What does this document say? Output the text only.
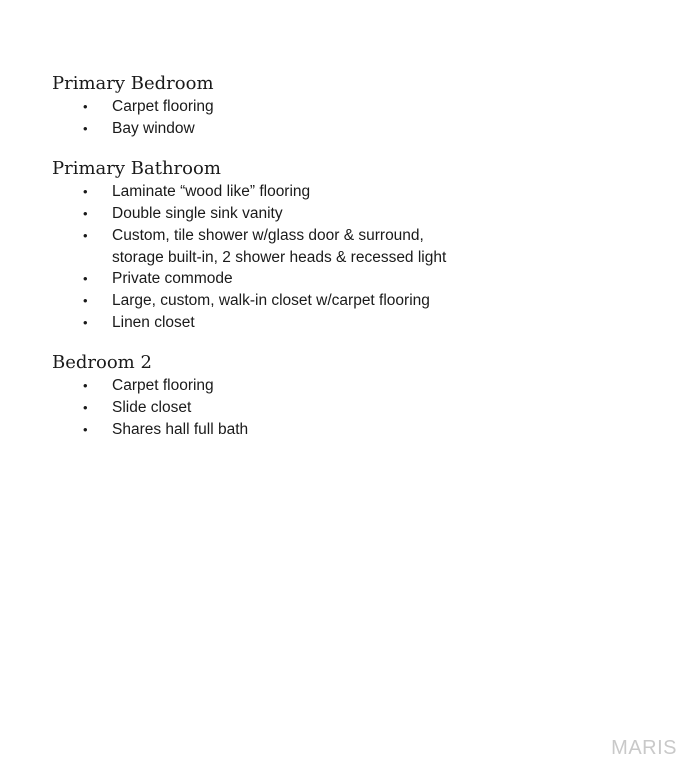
Primary Bedroom
• Carpet flooring
• Bay window
Primary Bathroom
• Laminate “wood like” flooring
• Double single sink vanity
• Custom, tile shower w/glass door & surround,
storage built-in, 2 shower heads & recessed light
• Private commode
• Large, custom, walk-in closet w/carpet flooring
• Linen closet
Bedroom 2
• Carpet flooring
• Slide closet
• Shares hall full bath
MARIS
